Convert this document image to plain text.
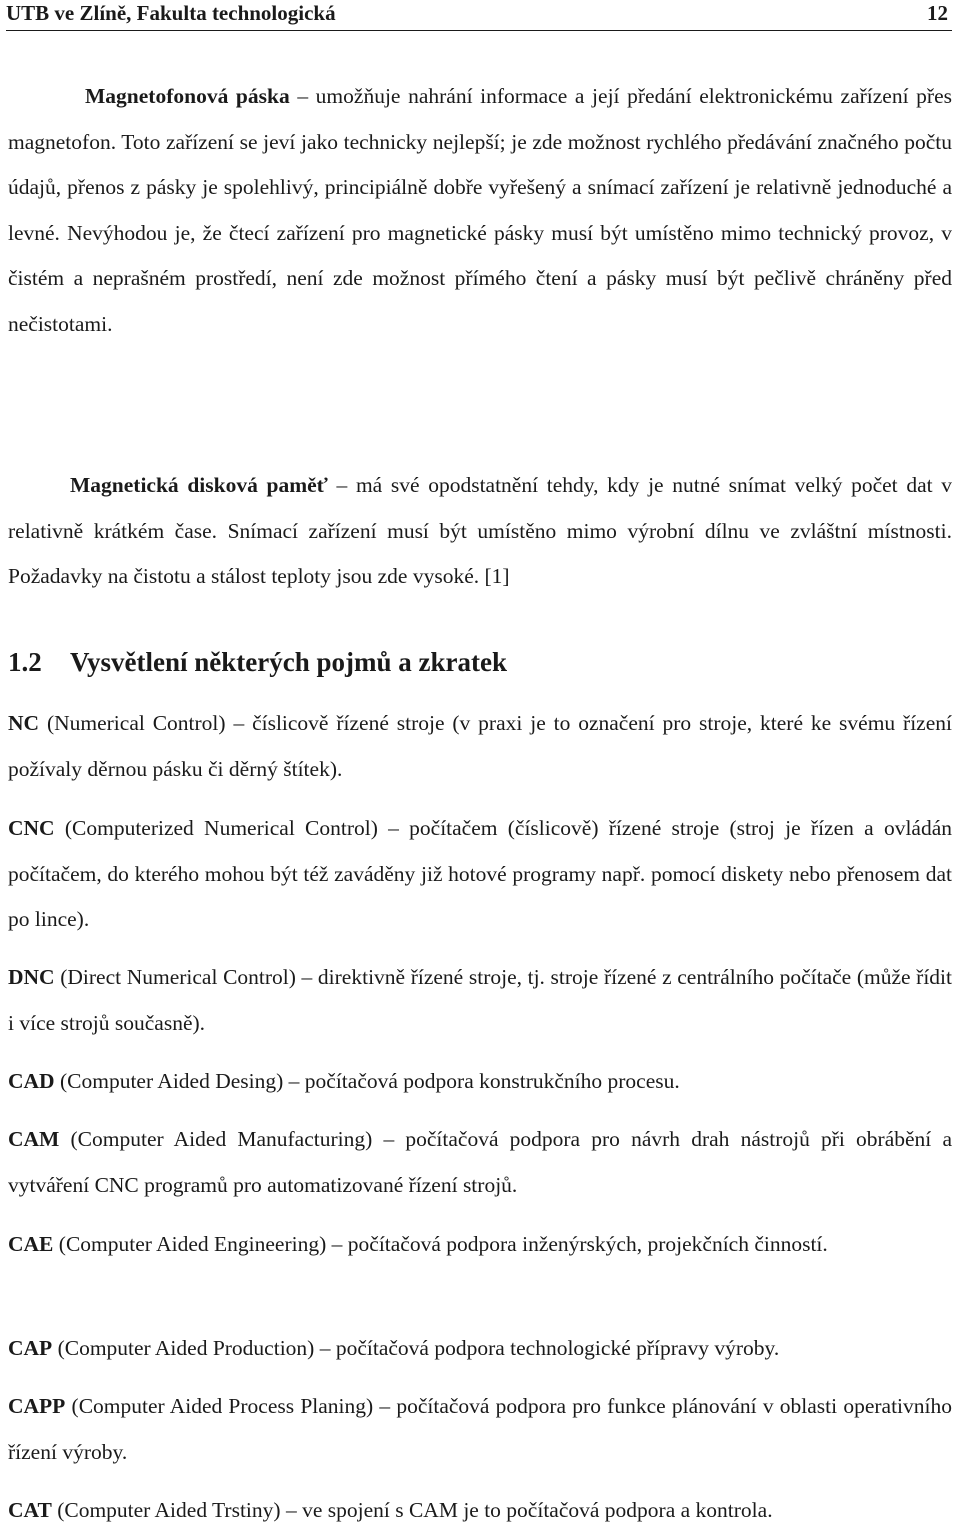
UTB ve Zlíně, Fakulta technologická	12

Magnetofonová páska – umožňuje nahrání informace a její předání elektronickému zařízení přes magnetofon. Toto zařízení se jeví jako technicky nejlepší; je zde možnost rychlého předávání značného počtu údajů, přenos z pásky je spolehlivý, principiálně dobře vyřešený a snímací zařízení je relativně jednoduché a levné. Nevýhodou je, že čtecí zařízení pro magnetické pásky musí být umístěno mimo technický provoz, v čistém a neprašném prostředí, není zde možnost přímého čtení a pásky musí být pečlivě chráněny před nečistotami.

Magnetická disková paměť – má své opodstatnění tehdy, kdy je nutné snímat velký počet dat v relativně krátkém čase. Snímací zařízení musí být umístěno mimo výrobní dílnu ve zvláštní místnosti. Požadavky na čistotu a stálost teploty jsou zde vysoké. [1]

1.2 Vysvětlení některých pojmů a zkratek

NC (Numerical Control) – číslicově řízené stroje (v praxi je to označení pro stroje, které ke svému řízení požívaly děrnou pásku či děrný štítek).

CNC (Computerized Numerical Control) – počítačem (číslicově) řízené stroje (stroj je řízen a ovládán počítačem, do kterého mohou být též zaváděny již hotové programy např. pomocí diskety nebo přenosem dat po lince).

DNC (Direct Numerical Control) – direktivně řízené stroje, tj. stroje řízené z centrálního počítače (může řídit i více strojů současně).

CAD (Computer Aided Desing) – počítačová podpora konstrukčního procesu.

CAM (Computer Aided Manufacturing) – počítačová podpora pro návrh drah nástrojů při obrábění a vytváření CNC programů pro automatizované řízení strojů.

CAE (Computer Aided Engineering) – počítačová podpora inženýrských, projekčních činností.

CAP (Computer Aided Production) – počítačová podpora technologické přípravy výroby.

CAPP (Computer Aided Process Planing) – počítačová podpora pro funkce plánování v oblasti operativního řízení výroby.

CAT (Computer Aided Trstiny) – ve spojení s CAM je to počítačová podpora a kontrola.
